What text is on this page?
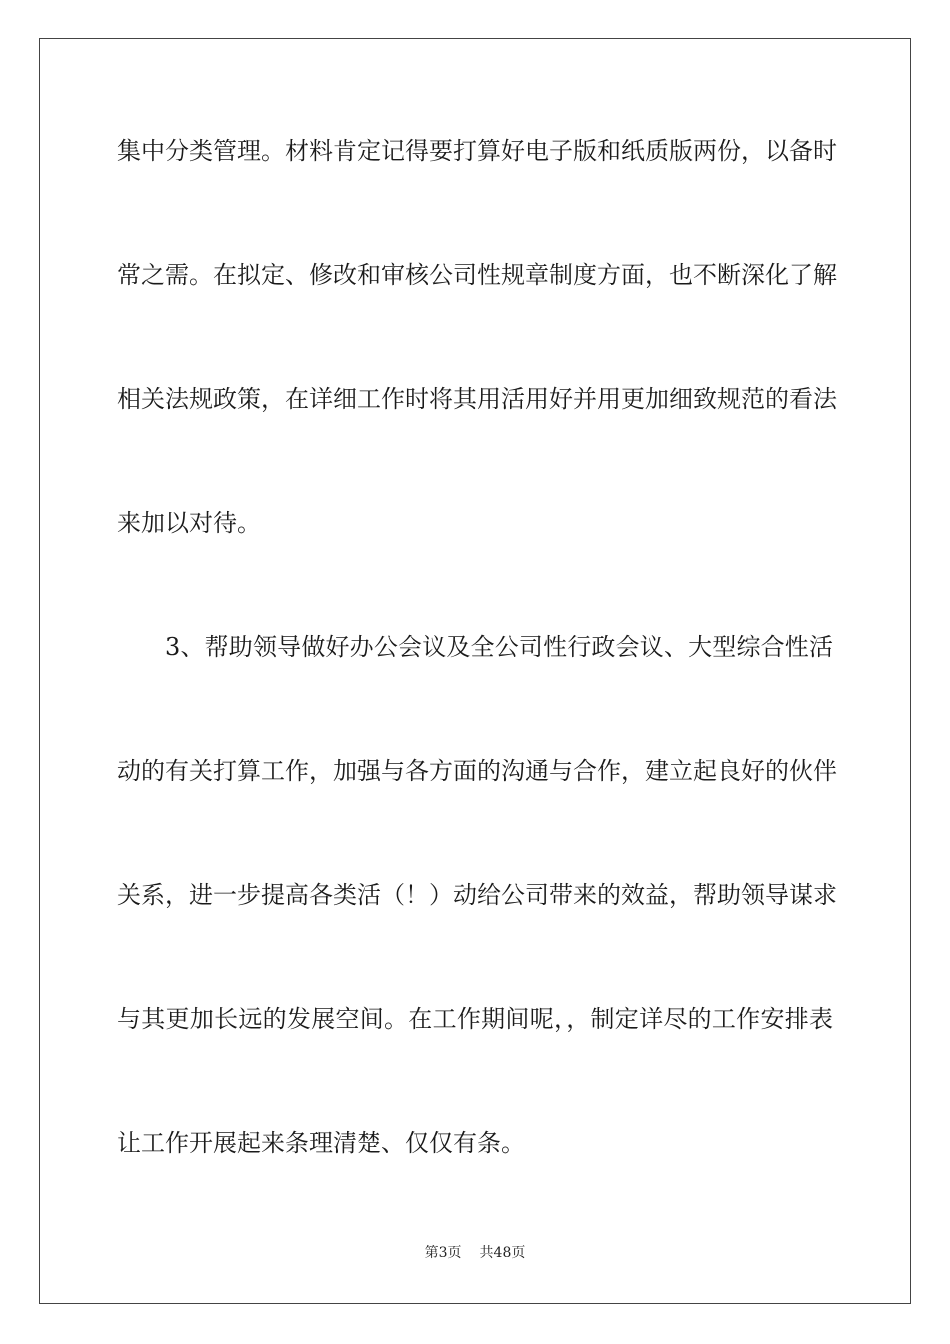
集中分类管理。材料肯定记得要打算好电子版和纸质版两份，以备时
常之需。在拟定、修改和审核公司性规章制度方面，也不断深化了解
相关法规政策，在详细工作时将其用活用好并用更加细致规范的看法
来加以对待。
3、帮助领导做好办公会议及全公司性行政会议、大型综合性活
动的有关打算工作，加强与各方面的沟通与合作，建立起良好的伙伴
关系，进一步提高各类活（！）动给公司带来的效益，帮助领导谋求
与其更加长远的发展空间。在工作期间呢，，制定详尽的工作安排表
让工作开展起来条理清楚、仅仅有条。
第3页 共48页
